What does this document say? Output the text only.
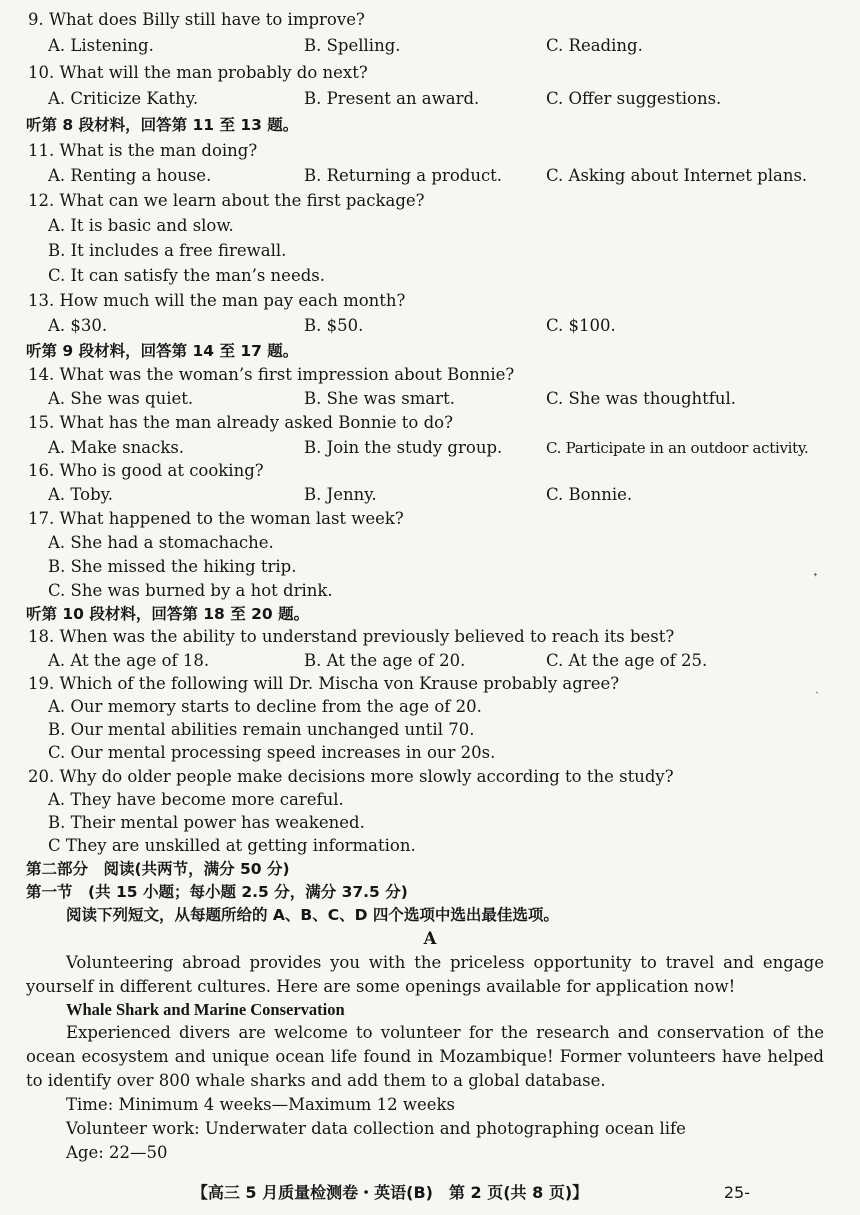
9. What does Billy still have to improve?
A. Listening.	B. Spelling.	C. Reading.
10. What will the man probably do next?
A. Criticize Kathy.	B. Present an award.	C. Offer suggestions.
听第 8 段材料，回答第 11 至 13 题。
11. What is the man doing?
A. Renting a house.	B. Returning a product.	C. Asking about Internet plans.
12. What can we learn about the first package?
A. It is basic and slow.
B. It includes a free firewall.
C. It can satisfy the man’s needs.
13. How much will the man pay each month?
A. $30.	B. $50.	C. $100.
听第 9 段材料，回答第 14 至 17 题。
14. What was the woman’s first impression about Bonnie?
A. She was quiet.	B. She was smart.	C. She was thoughtful.
15. What has the man already asked Bonnie to do?
A. Make snacks.	B. Join the study group.	C. Participate in an outdoor activity.
16. Who is good at cooking?
A. Toby.	B. Jenny.	C. Bonnie.
17. What happened to the woman last week?
A. She had a stomachache.
B. She missed the hiking trip.
C. She was burned by a hot drink.
听第 10 段材料，回答第 18 至 20 题。
18. When was the ability to understand previously believed to reach its best?
A. At the age of 18.	B. At the age of 20.	C. At the age of 25.
19. Which of the following will Dr. Mischa von Krause probably agree?
A. Our memory starts to decline from the age of 20.
B. Our mental abilities remain unchanged until 70.
C. Our mental processing speed increases in our 20s.
20. Why do older people make decisions more slowly according to the study?
A. They have become more careful.
B. Their mental power has weakened.
C They are unskilled at getting information.
第二部分　阅读(共两节，满分 50 分)
第一节　(共 15 小题；每小题 2.5 分，满分 37.5 分)
阅读下列短文，从每题所给的 A、B、C、D 四个选项中选出最佳选项。
A
Volunteering abroad provides you with the priceless opportunity to travel and engage yourself in different cultures. Here are some openings available for application now!
Whale Shark and Marine Conservation
Experienced divers are welcome to volunteer for the research and conservation of the ocean ecosystem and unique ocean life found in Mozambique! Former volunteers have helped to identify over 800 whale sharks and add them to a global database.
Time: Minimum 4 weeks—Maximum 12 weeks
Volunteer work: Underwater data collection and photographing ocean life
Age: 22—50
【高三 5 月质量检测卷・英语(B)　第 2 页(共 8 页)】	25-
ᐩ
ˎ
